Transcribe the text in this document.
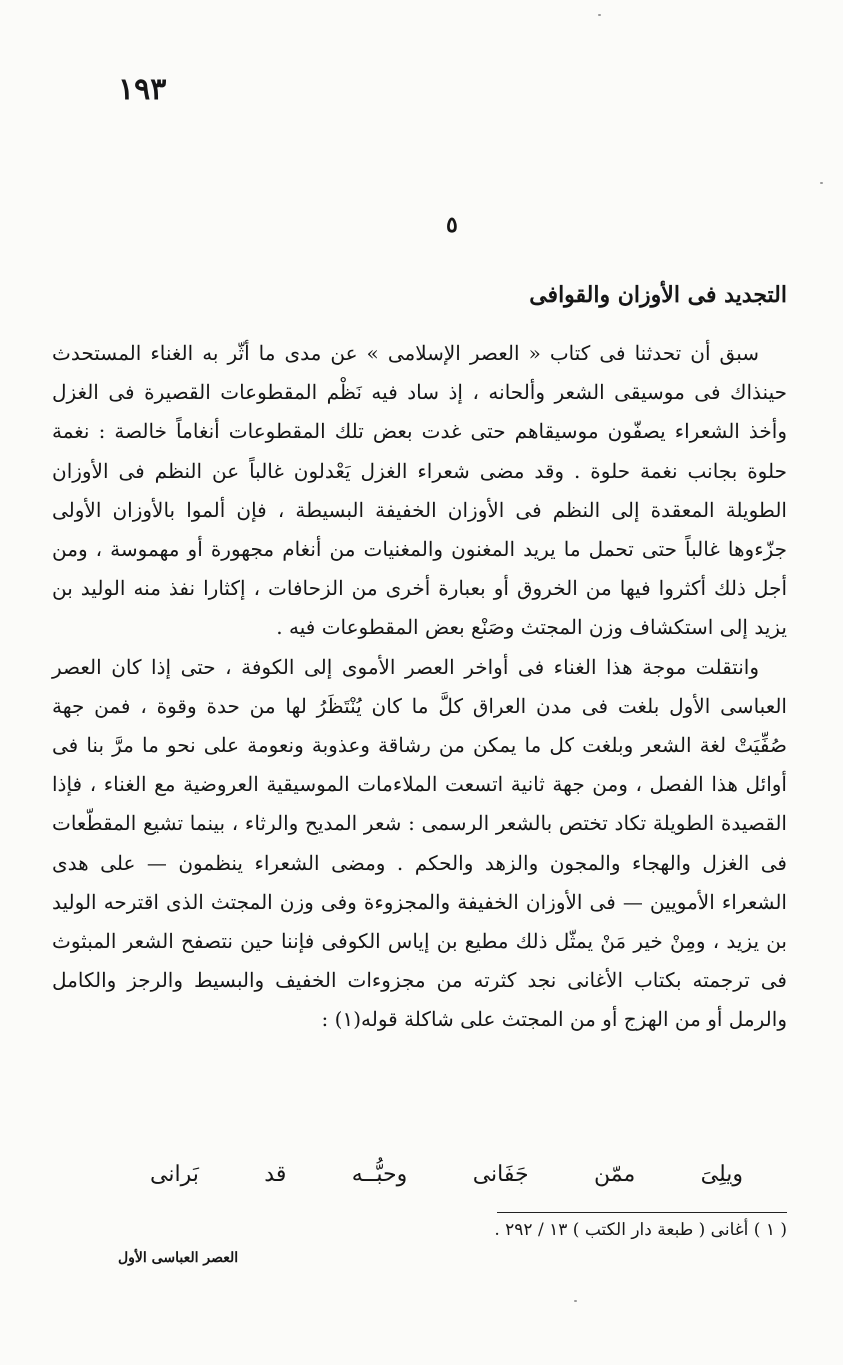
١٩٣
٥
التجديد فى الأوزان والقوافى

سبق أن تحدثنا فى كتاب « العصر الإسلامى » عن مدى ما أثّر به الغناء المستحدث حينذاك فى موسيقى الشعر وألحانه ، إذ ساد فيه نَظْم المقطوعات القصيرة فى الغزل وأخذ الشعراء يصفّون موسيقاهم حتى غدت بعض تلك المقطوعات أنغاماً خالصة : نغمة حلوة بجانب نغمة حلوة . وقد مضى شعراء الغزل يَعْدلون غالباً عن النظم فى الأوزان الطويلة المعقدة إلى النظم فى الأوزان الخفيفة البسيطة ، فإن ألموا بالأوزان الأولى جزّءوها غالباً حتى تحمل ما يريد المغنون والمغنيات من أنغام مجهورة أو مهموسة ، ومن أجل ذلك أكثروا فيها من الخروق أو بعبارة أخرى من الزحافات ، إكثارا نفذ منه الوليد بن يزيد إلى استكشاف وزن المجتث وصَنْع بعض المقطوعات فيه .

وانتقلت موجة هذا الغناء فى أواخر العصر الأموى إلى الكوفة ، حتى إذا كان العصر العباسى الأول بلغت فى مدن العراق كلَّ ما كان يُنْتَظَرُ لها من حدة وقوة ، فمن جهة صُفِّيَتْ لغة الشعر وبلغت كل ما يمكن من رشاقة وعذوبة ونعومة على نحو ما مرَّ بنا فى أوائل هذا الفصل ، ومن جهة ثانية اتسعت الملاءمات الموسيقية العروضية مع الغناء ، فإذا القصيدة الطويلة تكاد تختص بالشعر الرسمى : شعر المديح والرثاء ، بينما تشيع المقطّعات فى الغزل والهجاء والمجون والزهد والحكم . ومضى الشعراء ينظمون — على هدى الشعراء الأمويين — فى الأوزان الخفيفة والمجزوءة وفى وزن المجتث الذى اقترحه الوليد بن يزيد ، ومِنْ خير مَنْ يمثّل ذلك مطيع بن إياس الكوفى فإننا حين نتصفح الشعر المبثوث فى ترجمته بكتاب الأغانى نجد كثرته من مجزوءات الخفيف والبسيط والرجز والكامل والرمل أو من الهزج أو من المجتث على شاكلة قوله(١) :

ويلِىَ
ممّن
جَفَانى
وحبُّــه
قد
بَرانى
( ١ ) أغانى ( طبعة دار الكتب ) ١٣ / ٢٩٢ .
العصر العباسى الأول
